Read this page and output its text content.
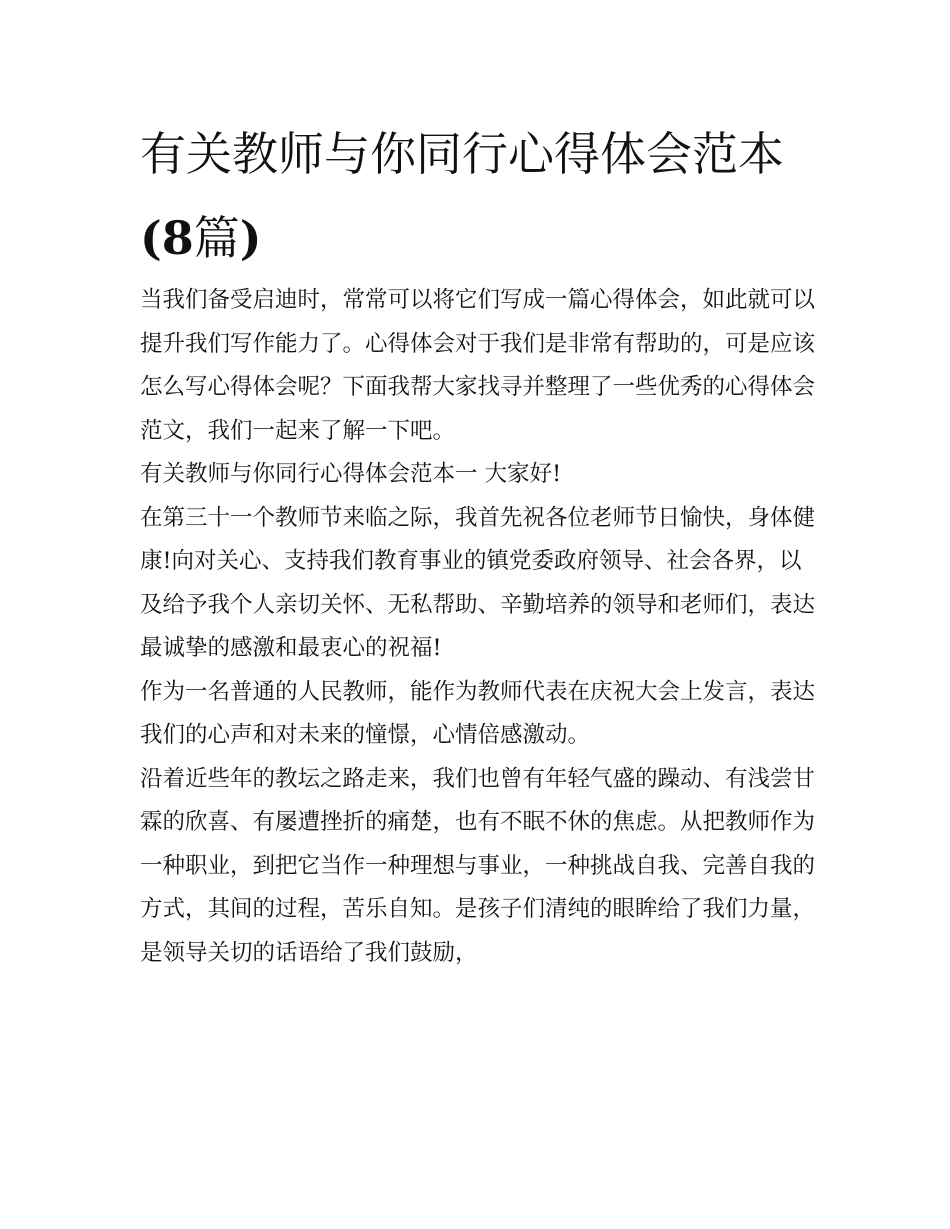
有关教师与你同行心得体会范本(8篇)

当我们备受启迪时，常常可以将它们写成一篇心得体会，如此就可以提升我们写作能力了。心得体会对于我们是非常有帮助的，可是应该怎么写心得体会呢？下面我帮大家找寻并整理了一些优秀的心得体会范文，我们一起来了解一下吧。

有关教师与你同行心得体会范本一 大家好!

在第三十一个教师节来临之际，我首先祝各位老师节日愉快，身体健康!向对关心、支持我们教育事业的镇党委政府领导、社会各界，以及给予我个人亲切关怀、无私帮助、辛勤培养的领导和老师们，表达最诚挚的感激和最衷心的祝福!

作为一名普通的人民教师，能作为教师代表在庆祝大会上发言，表达我们的心声和对未来的憧憬，心情倍感激动。

沿着近些年的教坛之路走来，我们也曾有年轻气盛的躁动、有浅尝甘霖的欣喜、有屡遭挫折的痛楚，也有不眠不休的焦虑。从把教师作为一种职业，到把它当作一种理想与事业，一种挑战自我、完善自我的方式，其间的过程，苦乐自知。是孩子们清纯的眼眸给了我们力量，是领导关切的话语给了我们鼓励，
